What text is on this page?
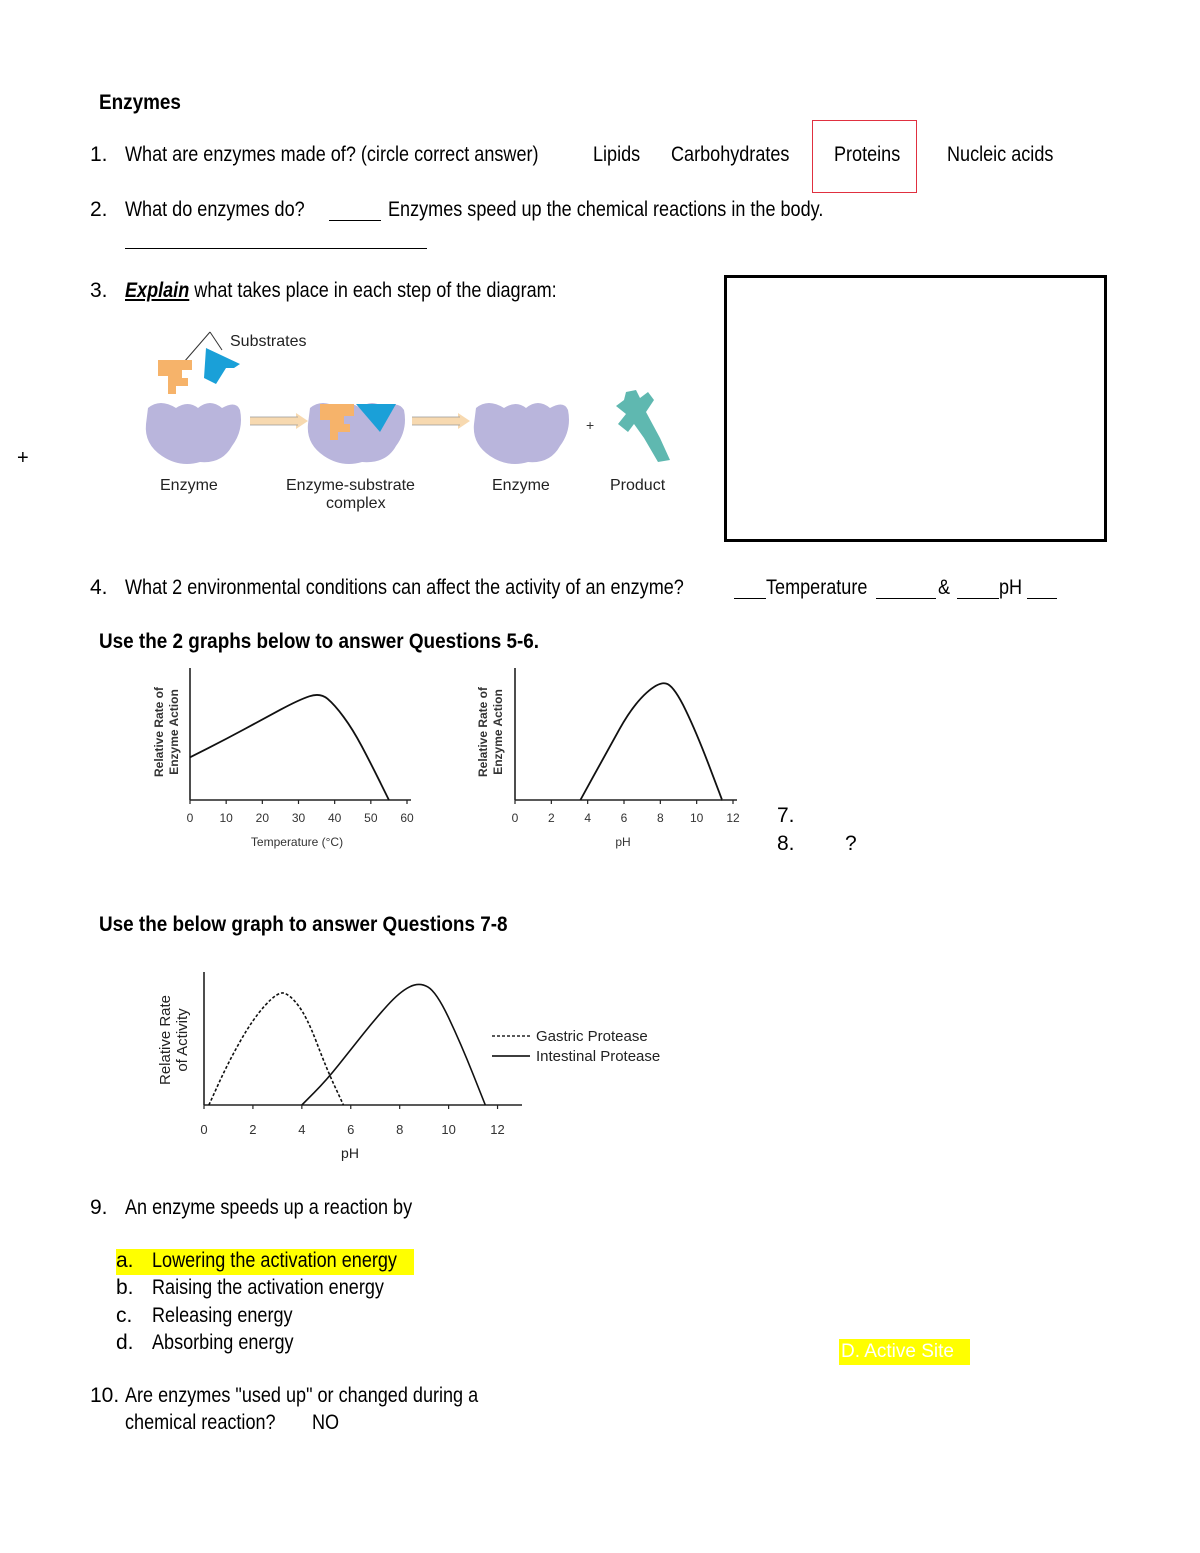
Enzymes
1. What are enzymes made of? (circle correct answer)	Lipids	Carbohydrates	Proteins	Nucleic acids
2. What do enzymes do?	Enzymes speed up the chemical reactions in the body.
3. Explain what takes place in each step of the diagram:
Substrates
+
Enzyme	Enzyme-substrate
complex
Enzyme	Product
+
4. What 2 environmental conditions can affect the activity of an enzyme?	Temperature	& pH
Use the 2 graphs below to answer Questions 5-6.
0 10 20 30 40 50 60
Relative Rate of Enzyme Action
Temperature (°C)
0 2 4 6 8 10 12
Relative Rate of Enzyme Action
pH
7.
8. ?
Use the below graph to answer Questions 7-8
0	2	4	6	8	10	12
Relative Rate of Activity
pH
Gastric Protease
Intestinal Protease
9. An enzyme speeds up a reaction by
a. Lowering the activation energy
b. Raising the activation energy
c. Releasing energy
d. Absorbing energy	D. Active Site
10. Are enzymes "used up" or changed during a
chemical reaction?	NO
